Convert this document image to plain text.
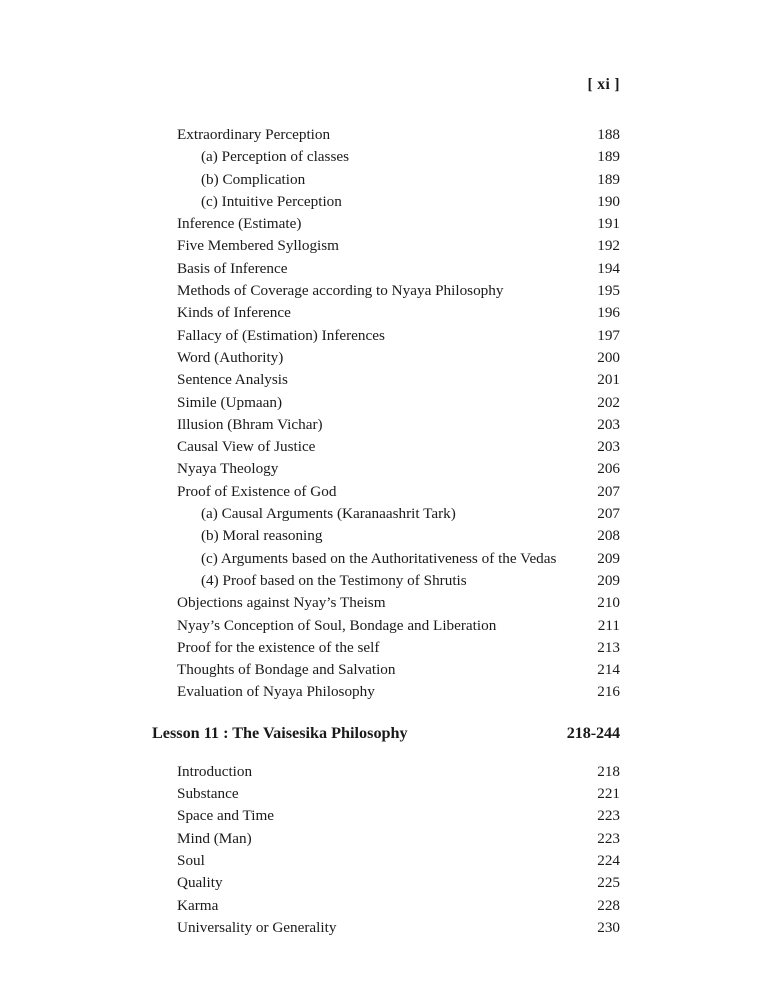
[ xi ]
Extraordinary Perception	188
(a) Perception of classes	189
(b) Complication	189
(c) Intuitive Perception	190
Inference (Estimate)	191
Five Membered Syllogism	192
Basis of Inference	194
Methods of Coverage according to Nyaya Philosophy	195
Kinds of Inference	196
Fallacy of (Estimation) Inferences	197
Word (Authority)	200
Sentence Analysis	201
Simile (Upmaan)	202
Illusion (Bhram Vichar)	203
Causal View of Justice	203
Nyaya Theology	206
Proof of Existence of God	207
(a) Causal Arguments (Karanaashrit Tark)	207
(b) Moral reasoning	208
(c) Arguments based on the Authoritativeness of the Vedas	209
(4) Proof based on the Testimony of Shrutis	209
Objections against Nyay’s Theism	210
Nyay’s Conception of Soul, Bondage and Liberation	211
Proof for the existence of the self	213
Thoughts of Bondage and Salvation	214
Evaluation of Nyaya Philosophy	216
Lesson 11 : The Vaisesika Philosophy	218-244
Introduction	218
Substance	221
Space and Time	223
Mind (Man)	223
Soul	224
Quality	225
Karma	228
Universality or Generality	230
